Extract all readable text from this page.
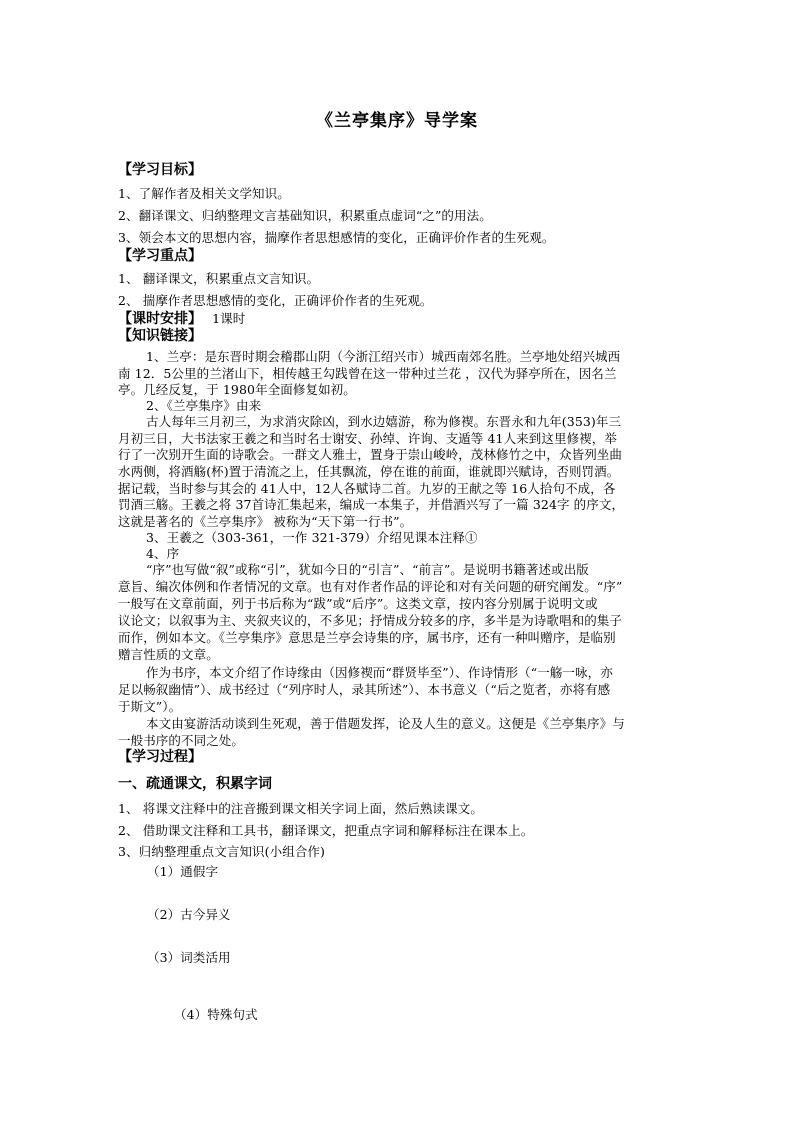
《兰亭集序》导学案
【学习目标】
1、了解作者及相关文学知识。
2、翻译课文、归纳整理文言基础知识，积累重点虚词“之”的用法。
3、领会本文的思想内容，揣摩作者思想感情的变化，正确评价作者的生死观。
【学习重点】
1、 翻译课文，积累重点文言知识。
2、 揣摩作者思想感情的变化，正确评价作者的生死观。
【课时安排】 1课时
【知识链接】
1、兰亭：是东晋时期会稽郡山阴（今浙江绍兴市）城西南郊名胜。兰亭地处绍兴城西
南 12．5公里的兰渚山下，相传越王勾践曾在这一带种过兰花 ，汉代为驿亭所在，因名兰
亭。几经反复，于 1980年全面修复如初。
2、《兰亭集序》由来
古人每年三月初三，为求消灾除凶，到水边嬉游，称为修褉。东晋永和九年(353)年三
月初三日，大书法家王羲之和当时名士谢安、孙绰、许询、支遁等 41人来到这里修褉，举
行了一次别开生面的诗歌会。一群文人雅士，置身于崇山峻岭，茂林修竹之中，众皆列坐曲
水两侧，将酒觞(杯)置于清流之上，任其飘流，停在谁的前面，谁就即兴赋诗，否则罚酒。
据记载，当时参与其会的 41人中，12人各赋诗二首。九岁的王献之等 16人拾句不成，各
罚酒三觞。王羲之将 37首诗汇集起来，编成一本集子，并借酒兴写了一篇 324字 的序文，
这就是著名的《兰亭集序》 被称为“天下第一行书”。
3、王羲之（303-361，一作 321-379）介绍见课本注释①
4、序
“序”也写做“叙”或称“引”，犹如今日的“引言”、“前言”。是说明书籍著述或出版
意旨、编次体例和作者情况的文章。也有对作者作品的评论和对有关问题的研究阐发。“序”
一般写在文章前面，列于书后称为“跋”或“后序”。这类文章，按内容分别属于说明文或
议论文；以叙事为主、夹叙夹议的，不多见；抒情成分较多的序，多半是为诗歌唱和的集子
而作，例如本文。《兰亭集序》意思是兰亭会诗集的序，属书序，还有一种叫赠序，是临别
赠言性质的文章。
作为书序，本文介绍了作诗缘由（因修褉而“群贤毕至”）、作诗情形（“一觞一咏，亦
足以畅叙幽情”）、成书经过（“列序时人，录其所述”）、本书意义（“后之览者，亦将有感
于斯文”）。
本文由宴游活动谈到生死观，善于借题发挥，论及人生的意义。这便是《兰亭集序》与
一般书序的不同之处。
【学习过程】
一、疏通课文，积累字词
1、 将课文注释中的注音搬到课文相关字词上面，然后熟读课文。
2、 借助课文注释和工具书，翻译课文，把重点字词和解释标注在课本上。
3、归纳整理重点文言知识(小组合作)
（1）通假字
（2）古今异义
（3）词类活用
（4）特殊句式
